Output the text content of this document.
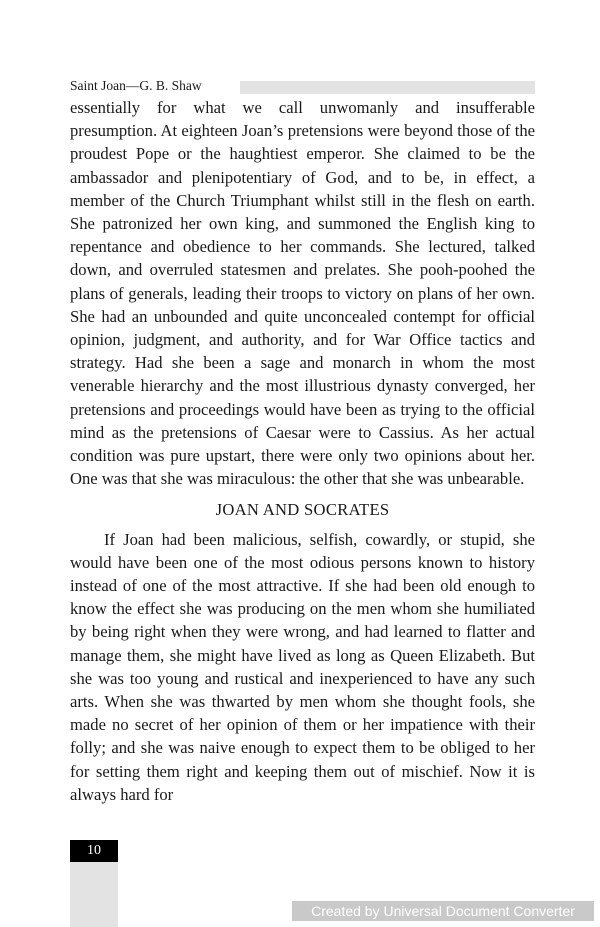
Saint Joan—G. B. Shaw

essentially for what we call unwomanly and insufferable presumption. At eighteen Joan’s pretensions were beyond those of the proudest Pope or the haughtiest emperor. She claimed to be the ambassador and plenipotentiary of God, and to be, in effect, a member of the Church Triumphant whilst still in the flesh on earth. She patronized her own king, and summoned the English king to repentance and obedience to her commands. She lectured, talked down, and overruled statesmen and prelates. She pooh-poohed the plans of generals, leading their troops to victory on plans of her own. She had an unbounded and quite unconcealed contempt for official opinion, judgment, and authority, and for War Office tactics and strategy. Had she been a sage and monarch in whom the most venerable hierarchy and the most illustrious dynasty converged, her pretensions and proceedings would have been as trying to the official mind as the pretensions of Caesar were to Cassius. As her actual condition was pure upstart, there were only two opinions about her. One was that she was miraculous: the other that she was unbearable.

JOAN AND SOCRATES

If Joan had been malicious, selfish, cowardly, or stupid, she would have been one of the most odious persons known to history instead of one of the most attractive. If she had been old enough to know the effect she was producing on the men whom she humiliated by being right when they were wrong, and had learned to flatter and manage them, she might have lived as long as Queen Elizabeth. But she was too young and rustical and inexperienced to have any such arts. When she was thwarted by men whom she thought fools, she made no secret of her opinion of them or her impatience with their folly; and she was naive enough to expect them to be obliged to her for setting them right and keeping them out of mischief. Now it is always hard for

10
Created by Universal Document Converter
